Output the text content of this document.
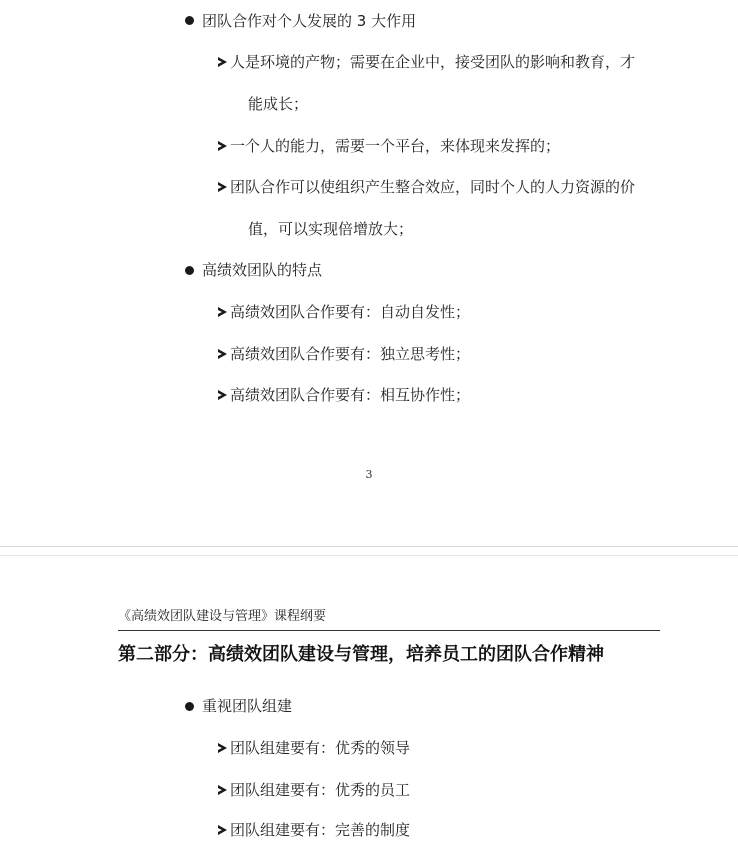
团队合作对个人发展的 3 大作用
人是环境的产物；需要在企业中，接受团队的影响和教育，才
能成长；
一个人的能力，需要一个平台，来体现来发挥的；
团队合作可以使组织产生整合效应，同时个人的人力资源的价
值，可以实现倍增放大；
高绩效团队的特点
高绩效团队合作要有：自动自发性；
高绩效团队合作要有：独立思考性；
高绩效团队合作要有：相互协作性；
3
《高绩效团队建设与管理》课程纲要
第二部分：高绩效团队建设与管理，培养员工的团队合作精神
重视团队组建
团队组建要有：优秀的领导
团队组建要有：优秀的员工
团队组建要有：完善的制度
